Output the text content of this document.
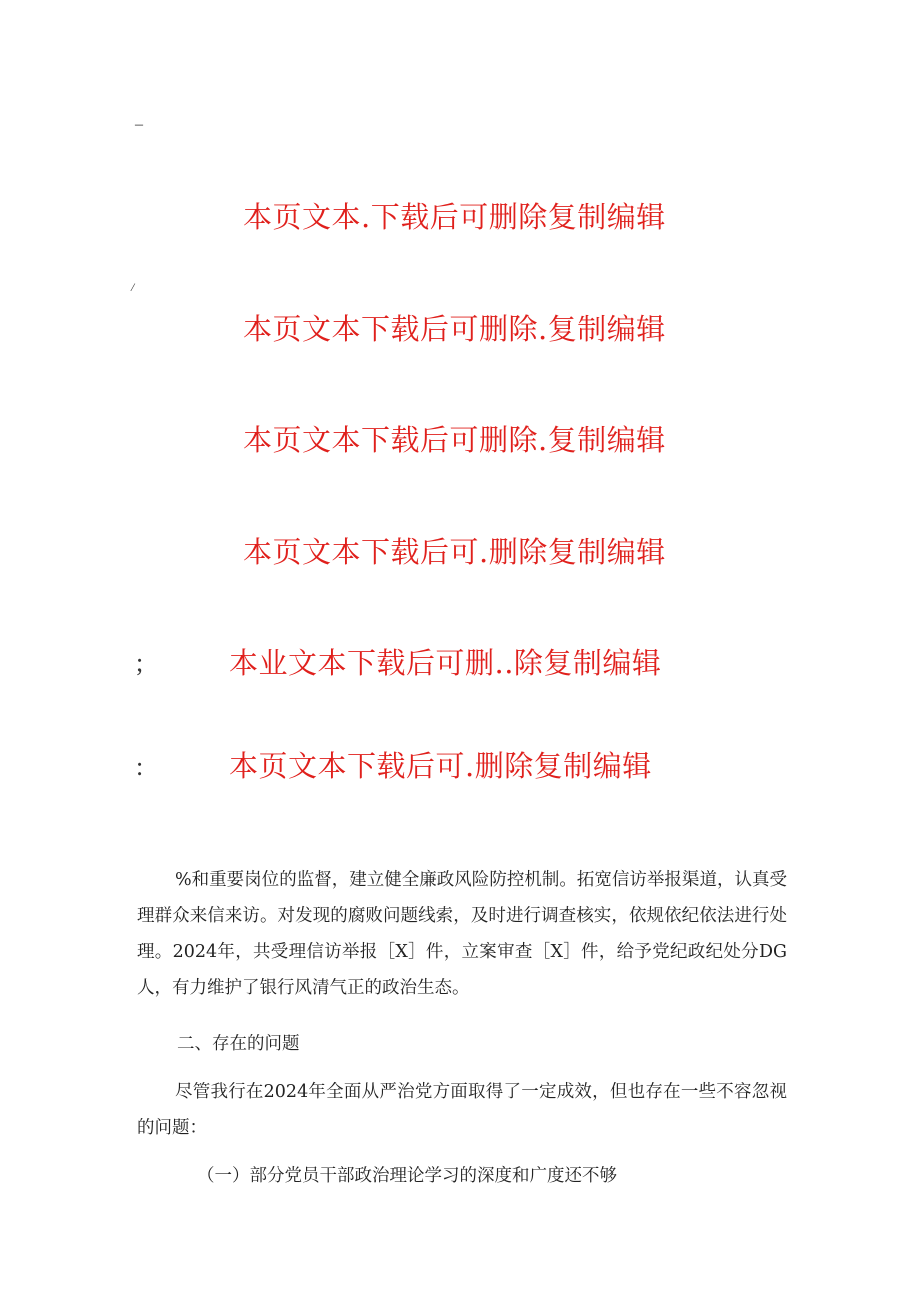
–
/
;
:
本页文本.下载后可删除复制编辑
本页文本下载后可删除.复制编辑
本页文本下载后可删除.复制编辑
本页文本下载后可.删除复制编辑
本业文本下载后可删..除复制编辑
本页文本下载后可.删除复制编辑

%和重要岗位的监督，建立健全廉政风险防控机制。拓宽信访举报渠道，认真受理群众来信来访。对发现的腐败问题线索，及时进行调查核实，依规依纪依法进行处理。2024年，共受理信访举报［X］件，立案审查［X］件，给予党纪政纪处分DG人，有力维护了银行风清气正的政治生态。

二、存在的问题

尽管我行在2024年全面从严治党方面取得了一定成效，但也存在一些不容忽视的问题：

（一）部分党员干部政治理论学习的深度和广度还不够
